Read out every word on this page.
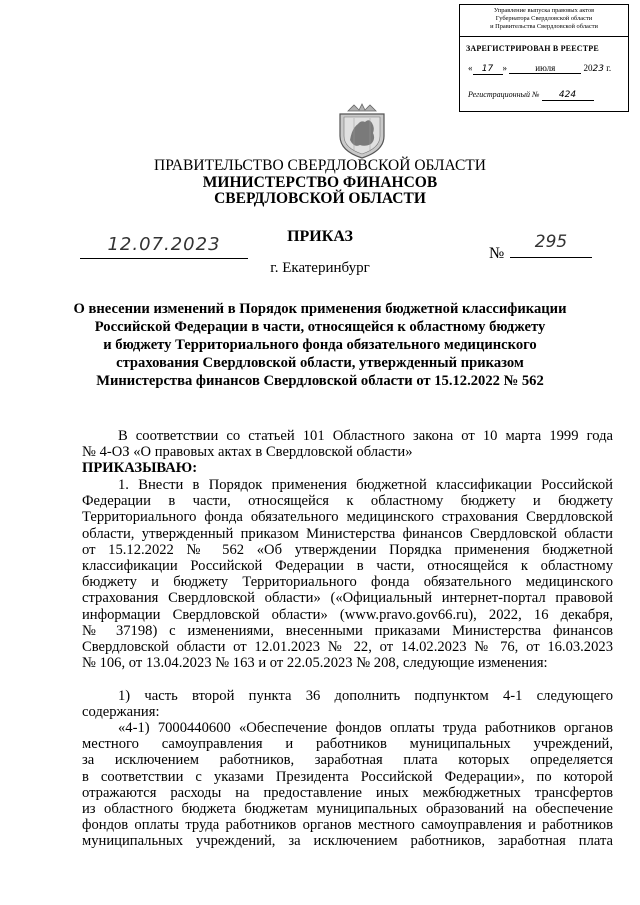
Управление выпуска правовых актов
Губернатора Свердловской области
и Правительства Свердловской области
ЗАРЕГИСТРИРОВАН В РЕЕСТРЕ
« 17 »	июля	2023 г.
Регистрационный № 424
ПРАВИТЕЛЬСТВО СВЕРДЛОВСКОЙ ОБЛАСТИ
МИНИСТЕРСТВО ФИНАНСОВ
СВЕРДЛОВСКОЙ ОБЛАСТИ
ПРИКАЗ
12.07.2023	№
295
г. Екатеринбург
О внесении изменений в Порядок применения бюджетной классификации
Российской Федерации в части, относящейся к областному бюджету
и бюджету Территориального фонда обязательного медицинского
страхования Свердловской области, утвержденный приказом
Министерства финансов Свердловской области от 15.12.2022 № 562
В соответствии со статьей 101 Областного закона от 10 марта 1999 года
№ 4-ОЗ «О правовых актах в Свердловской области»
ПРИКАЗЫВАЮ:
1. Внести в Порядок применения бюджетной классификации Российской
Федерации в части, относящейся к областному бюджету и бюджету
Территориального фонда обязательного медицинского страхования Свердловской
области, утвержденный приказом Министерства финансов Свердловской области
от 15.12.2022 № 562 «Об утверждении Порядка применения бюджетной
классификации Российской Федерации в части, относящейся к областному
бюджету и бюджету Территориального фонда обязательного медицинского
страхования Свердловской области» («Официальный интернет-портал правовой
информации Свердловской области» (www.pravo.gov66.ru), 2022, 16 декабря,
№ 37198) с изменениями, внесенными приказами Министерства финансов
Свердловской области от 12.01.2023 № 22, от 14.02.2023 № 76, от 16.03.2023
№ 106, от 13.04.2023 № 163 и от 22.05.2023 № 208, следующие изменения:
1) часть второй пункта 36 дополнить подпунктом 4-1 следующего
содержания:
«4-1) 7000440600 «Обеспечение фондов оплаты труда работников органов
местного самоуправления и работников муниципальных учреждений,
за исключением работников, заработная плата которых определяется
в соответствии с указами Президента Российской Федерации», по которой
отражаются расходы на предоставление иных межбюджетных трансфертов
из областного бюджета бюджетам муниципальных образований на обеспечение
фондов оплаты труда работников органов местного самоуправления и работников
муниципальных учреждений, за исключением работников, заработная плата
